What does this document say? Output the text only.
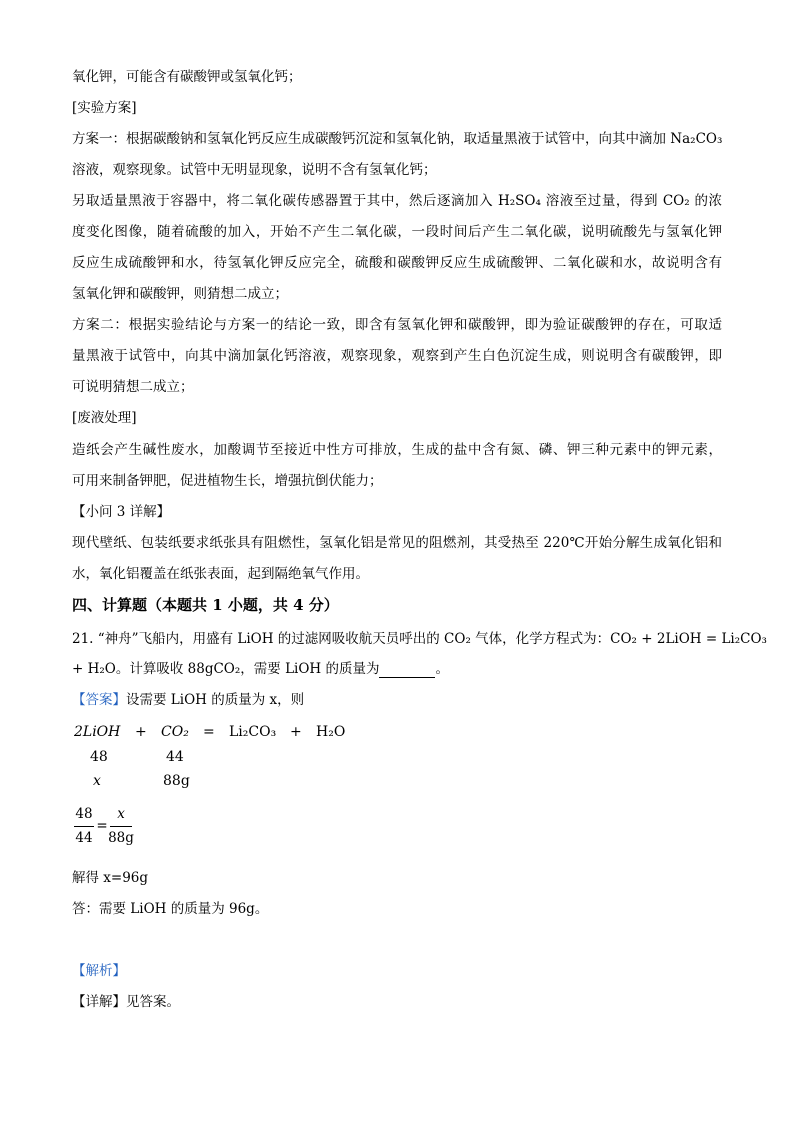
氧化钾，可能含有碳酸钾或氢氧化钙；
[实验方案]
方案一：根据碳酸钠和氢氧化钙反应生成碳酸钙沉淀和氢氧化钠，取适量黑液于试管中，向其中滴加 Na₂CO₃
溶液，观察现象。试管中无明显现象，说明不含有氢氧化钙；
另取适量黑液于容器中，将二氧化碳传感器置于其中，然后逐滴加入 H₂SO₄ 溶液至过量，得到 CO₂ 的浓
度变化图像，随着硫酸的加入，开始不产生二氧化碳，一段时间后产生二氧化碳，说明硫酸先与氢氧化钾
反应生成硫酸钾和水，待氢氧化钾反应完全，硫酸和碳酸钾反应生成硫酸钾、二氧化碳和水，故说明含有
氢氧化钾和碳酸钾，则猜想二成立；
方案二：根据实验结论与方案一的结论一致，即含有氢氧化钾和碳酸钾，即为验证碳酸钾的存在，可取适
量黑液于试管中，向其中滴加氯化钙溶液，观察现象，观察到产生白色沉淀生成，则说明含有碳酸钾，即
可说明猜想二成立；
[废液处理]
造纸会产生碱性废水，加酸调节至接近中性方可排放，生成的盐中含有氮、磷、钾三种元素中的钾元素，
可用来制备钾肥，促进植物生长，增强抗倒伏能力；
【小问 3 详解】
现代壁纸、包装纸要求纸张具有阻燃性，氢氧化铝是常见的阻燃剂，其受热至 220℃开始分解生成氧化铝和
水，氧化铝覆盖在纸张表面，起到隔绝氧气作用。
四、计算题（本题共 1 小题，共 4 分）
21. “神舟”飞船内，用盛有 LiOH 的过滤网吸收航天员呼出的 CO₂ 气体，化学方程式为：CO₂ + 2LiOH = Li₂CO₃
+ H₂O。计算吸收 88gCO₂，需要 LiOH 的质量为	。
【答案】设需要 LiOH 的质量为 x，则
2LiOH + CO₂ = Li₂CO₃ + H₂O
48	44
x	88g
48
44
=
x
88g
解得 x=96g
答：需要 LiOH 的质量为 96g。
【解析】
【详解】见答案。
